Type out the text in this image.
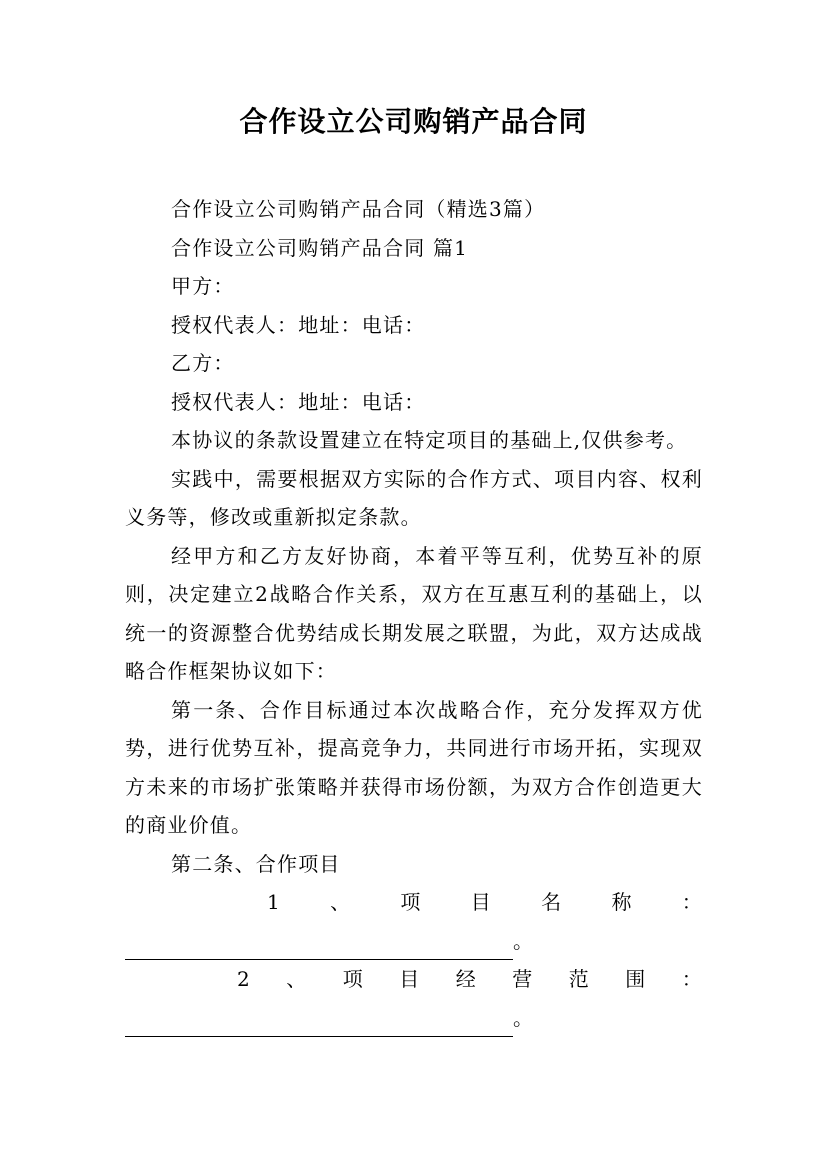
合作设立公司购销产品合同

合作设立公司购销产品合同（精选3篇）

合作设立公司购销产品合同 篇1

甲方：

授权代表人：地址：电话：

乙方：

授权代表人：地址：电话：

本协议的条款设置建立在特定项目的基础上,仅供参考。

实践中，需要根据双方实际的合作方式、项目内容、权利义务等，修改或重新拟定条款。

经甲方和乙方友好协商，本着平等互利，优势互补的原则，决定建立2战略合作关系，双方在互惠互利的基础上，以统一的资源整合优势结成长期发展之联盟，为此，双方达成战略合作框架协议如下：

第一条、合作目标通过本次战略合作，充分发挥双方优势，进行优势互补，提高竞争力，共同进行市场开拓，实现双方未来的市场扩张策略并获得市场份额，为双方合作创造更大的商业价值。

第二条、合作项目

1 、 项 目 名 称 ：

。

2 、 项 目 经 营 范 围 ：

。
